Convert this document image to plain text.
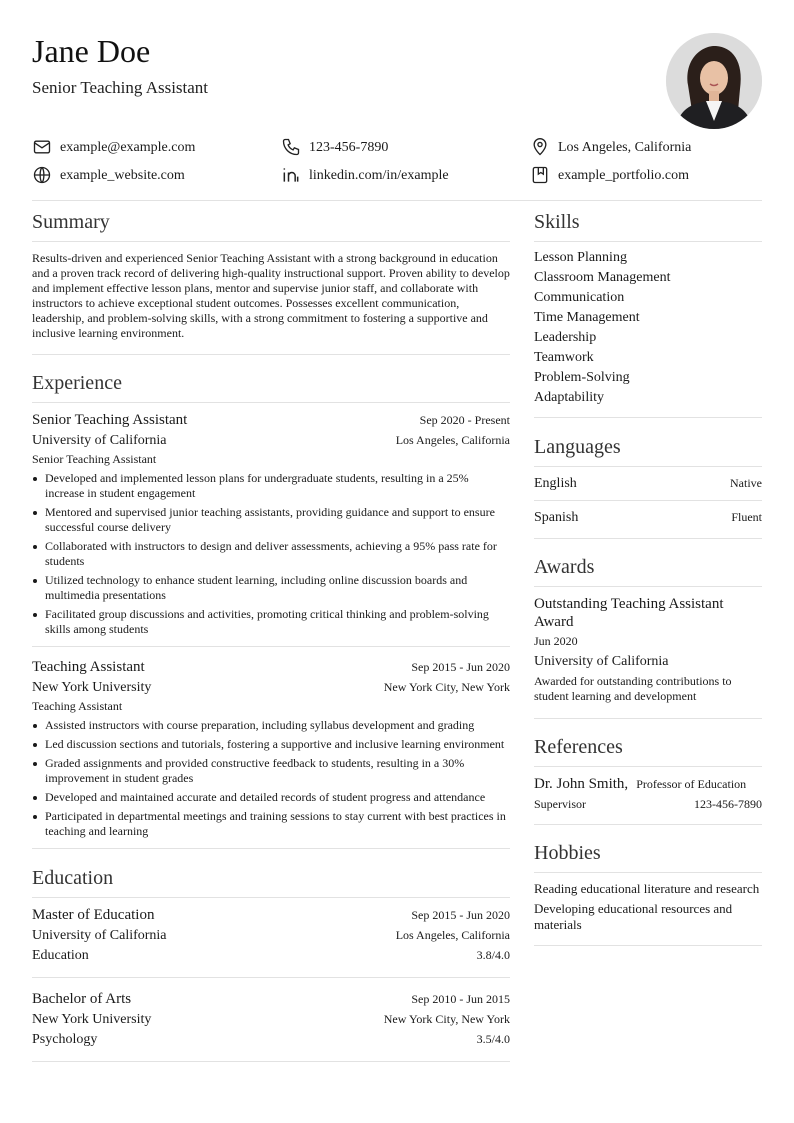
Jane Doe
Senior Teaching Assistant
example@example.com	123-456-7890	Los Angeles, California
example_website.com	linkedin.com/in/example	example_portfolio.com
Summary
Results-driven and experienced Senior Teaching Assistant with a strong background in education and a proven track record of delivering high-quality instructional support. Proven ability to develop and implement effective lesson plans, mentor and supervise junior staff, and collaborate with instructors to achieve exceptional student outcomes. Possesses excellent communication, leadership, and problem-solving skills, with a strong commitment to fostering a supportive and inclusive learning environment.
Experience
Senior Teaching Assistant	Sep 2020 - Present
University of California	Los Angeles, California
Senior Teaching Assistant
Developed and implemented lesson plans for undergraduate students, resulting in a 25% increase in student engagement
Mentored and supervised junior teaching assistants, providing guidance and support to ensure successful course delivery
Collaborated with instructors to design and deliver assessments, achieving a 95% pass rate for students
Utilized technology to enhance student learning, including online discussion boards and multimedia presentations
Facilitated group discussions and activities, promoting critical thinking and problem-solving skills among students
Teaching Assistant	Sep 2015 - Jun 2020
New York University	New York City, New York
Teaching Assistant
Assisted instructors with course preparation, including syllabus development and grading
Led discussion sections and tutorials, fostering a supportive and inclusive learning environment
Graded assignments and provided constructive feedback to students, resulting in a 30% improvement in student grades
Developed and maintained accurate and detailed records of student progress and attendance
Participated in departmental meetings and training sessions to stay current with best practices in teaching and learning
Education
Master of Education	Sep 2015 - Jun 2020
University of California	Los Angeles, California
Education	3.8/4.0
Bachelor of Arts	Sep 2010 - Jun 2015
New York University	New York City, New York
Psychology	3.5/4.0
Skills
Lesson Planning
Classroom Management
Communication
Time Management
Leadership
Teamwork
Problem-Solving
Adaptability
Languages
English	Native
Spanish	Fluent
Awards
Outstanding Teaching Assistant Award
Jun 2020
University of California
Awarded for outstanding contributions to student learning and development
References
Dr. John Smith, Professor of Education
Supervisor	123-456-7890
Hobbies
Reading educational literature and research
Developing educational resources and materials
